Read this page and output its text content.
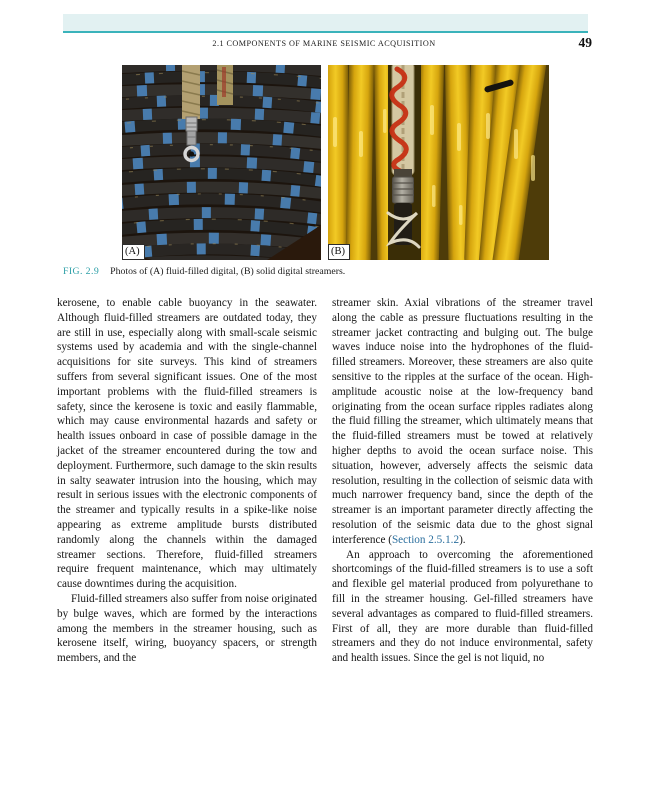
2.1 COMPONENTS OF MARINE SEISMIC ACQUISITION	49
(A)	(B)
FIG. 2.9 Photos of (A) fluid-filled digital, (B) solid digital streamers.

kerosene, to enable cable buoyancy in the seawater. Although fluid-filled streamers are outdated today, they are still in use, especially along with small-scale seismic systems used by academia and with the single-channel acquisitions for site surveys. This kind of streamers suffers from several significant issues. One of the most important problems with the fluid-filled streamers is safety, since the kerosene is toxic and easily flammable, which may cause environmental hazards and safety or health issues onboard in case of possible damage in the jacket of the streamer encountered during the tow and deployment. Furthermore, such damage to the skin results in salty seawater intrusion into the housing, which may result in serious issues with the electronic components of the streamer and typically results in a spike-like noise appearing as extreme amplitude bursts distributed randomly along the channels within the damaged streamer sections. Therefore, fluid-filled streamers require frequent maintenance, which may ultimately cause downtimes during the acquisition.

Fluid-filled streamers also suffer from noise originated by bulge waves, which are formed by the interactions among the members in the streamer housing, such as kerosene itself, wiring, buoyancy spacers, or strength members, and the

streamer skin. Axial vibrations of the streamer travel along the cable as pressure fluctuations resulting in the streamer jacket contracting and bulging out. The bulge waves induce noise into the hydrophones of the fluid-filled streamers. Moreover, these streamers are also quite sensitive to the ripples at the surface of the ocean. High-amplitude acoustic noise at the low-frequency band originating from the ocean surface ripples radiates along the fluid filling the streamer, which ultimately means that the fluid-filled streamers must be towed at relatively higher depths to avoid the ocean surface noise. This situation, however, adversely affects the seismic data resolution, resulting in the collection of seismic data with much narrower frequency band, since the depth of the streamer is an important parameter directly affecting the resolution of the seismic data due to the ghost signal interference (Section 2.5.1.2).

An approach to overcoming the aforementioned shortcomings of the fluid-filled streamers is to use a soft and flexible gel material produced from polyurethane to fill in the streamer housing. Gel-filled streamers have several advantages as compared to fluid-filled streamers. First of all, they are more durable than fluid-filled streamers and they do not induce environmental, safety and health issues. Since the gel is not liquid, no
